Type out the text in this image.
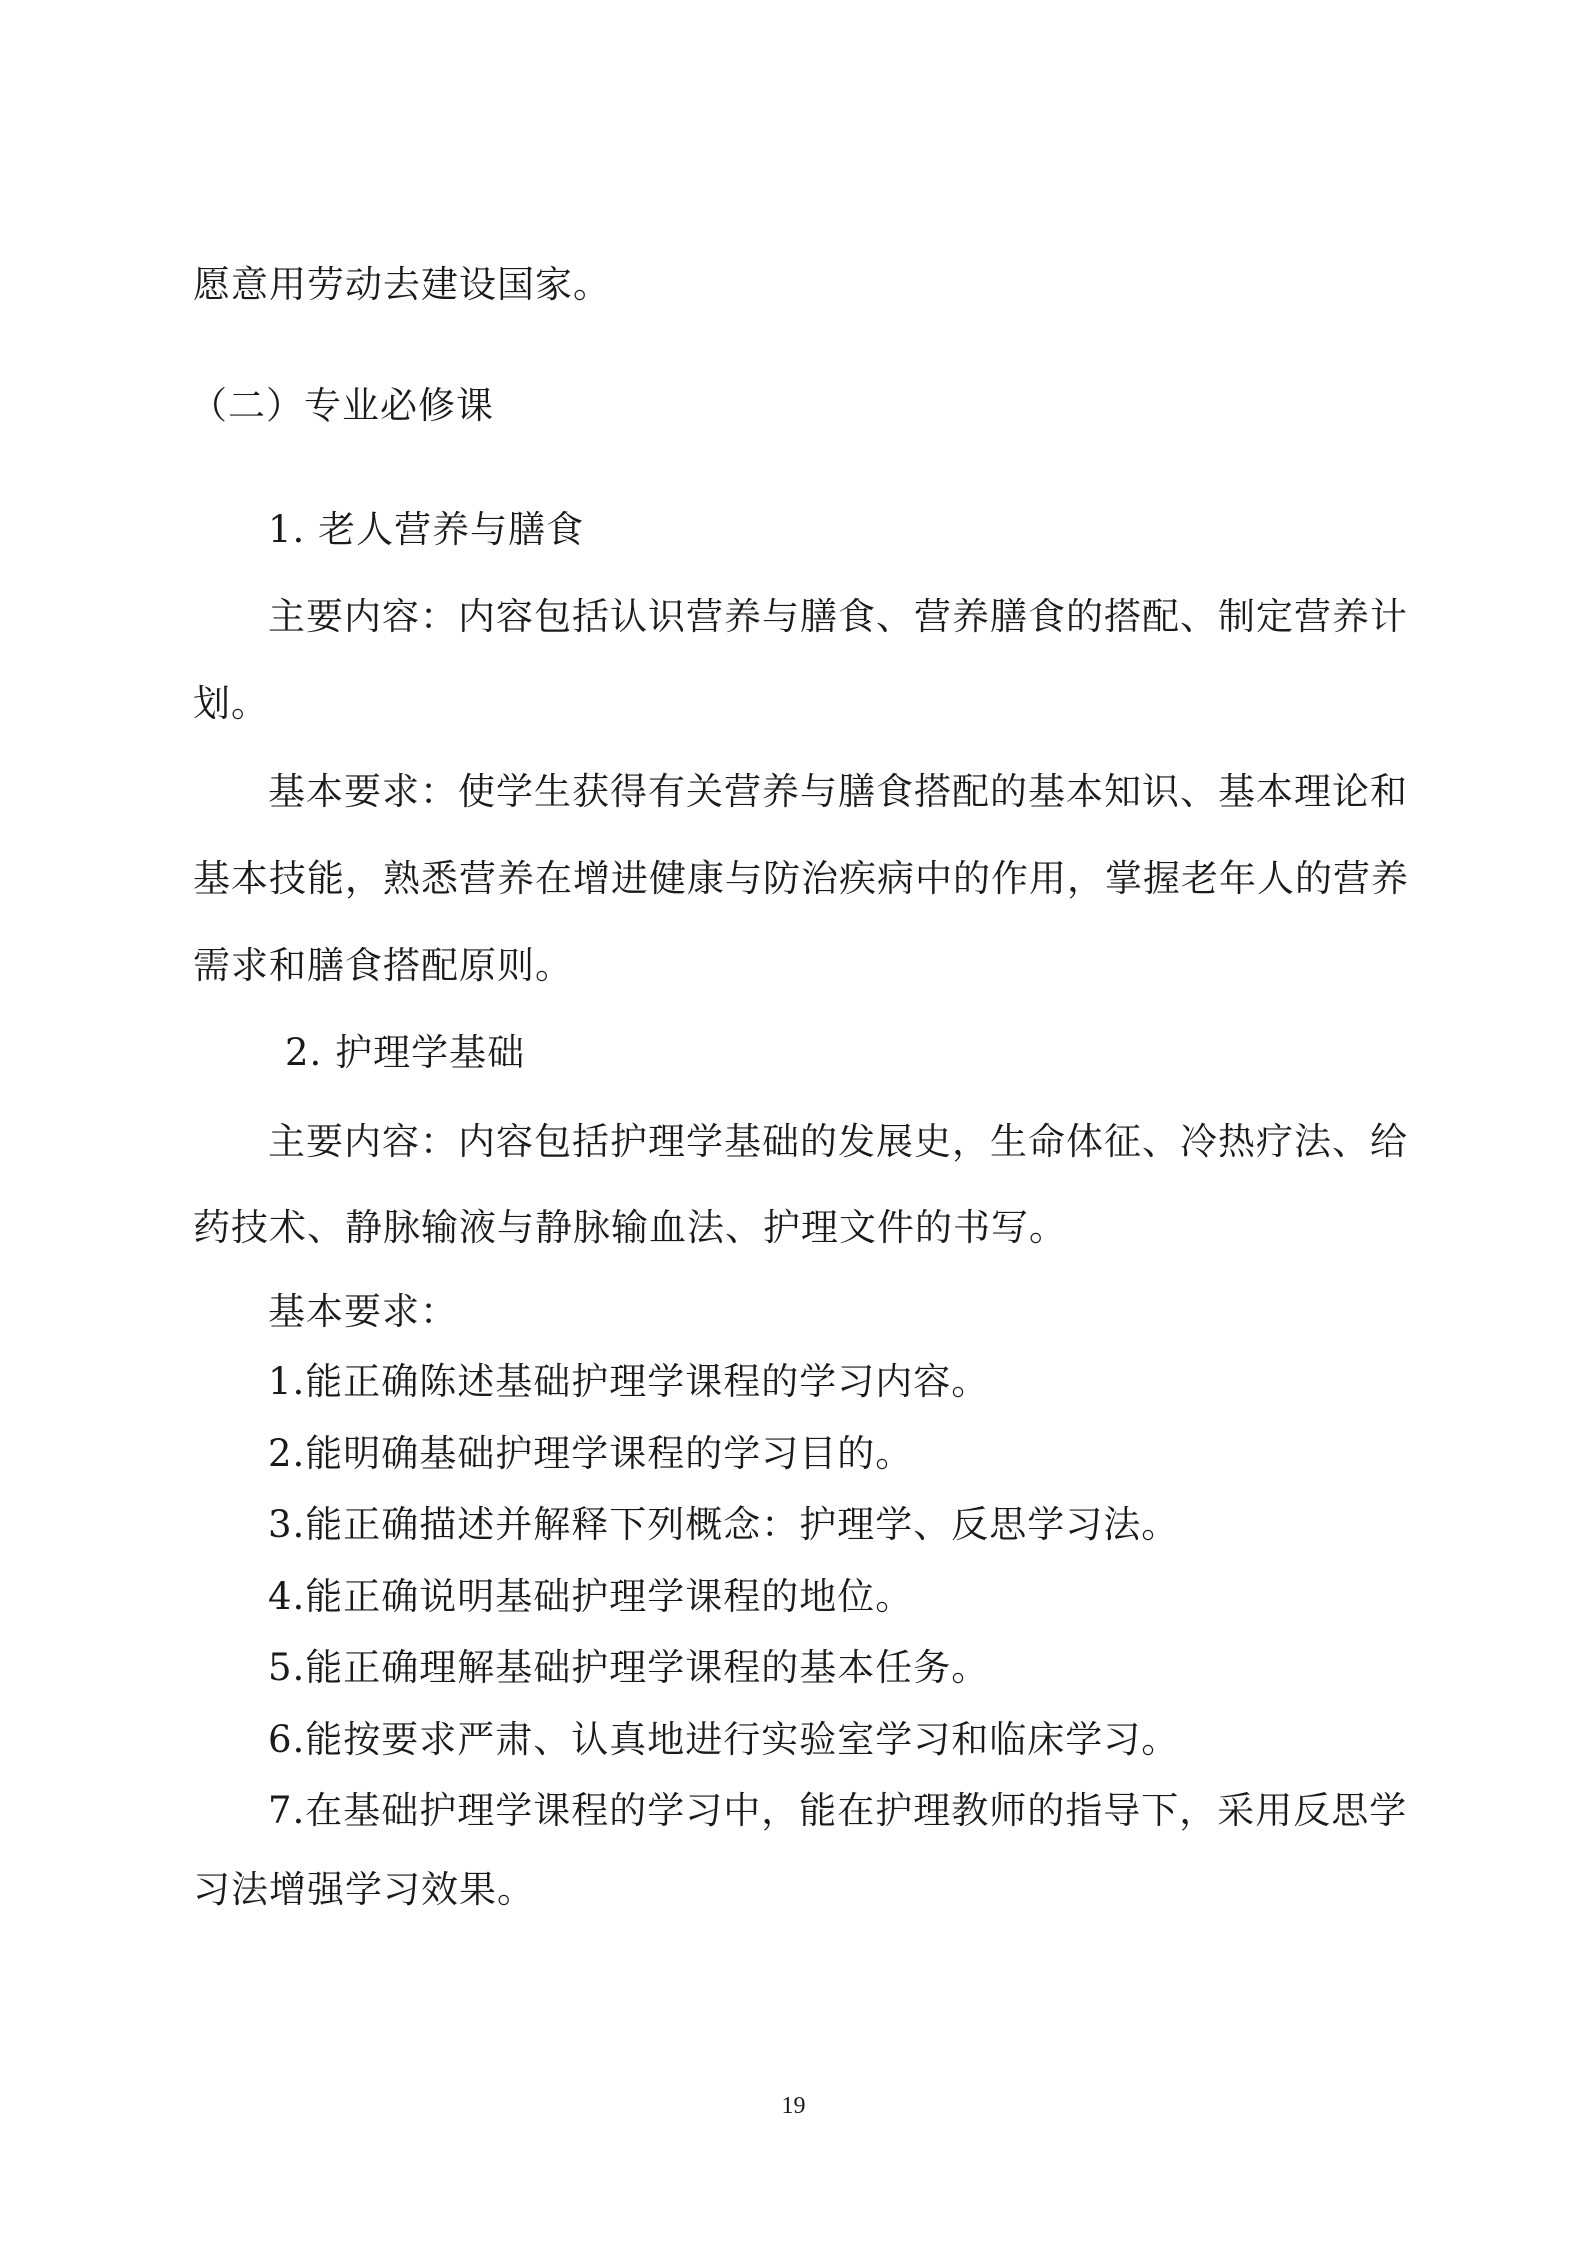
愿意用劳动去建设国家。
（二）专业必修课
1. 老人营养与膳食
主要内容：内容包括认识营养与膳食、营养膳食的搭配、制定营养计
划。
基本要求：使学生获得有关营养与膳食搭配的基本知识、基本理论和
基本技能，熟悉营养在增进健康与防治疾病中的作用，掌握老年人的营养
需求和膳食搭配原则。
2. 护理学基础
主要内容：内容包括护理学基础的发展史，生命体征、冷热疗法、给
药技术、静脉输液与静脉输血法、护理文件的书写。
基本要求：
1.能正确陈述基础护理学课程的学习内容。
2.能明确基础护理学课程的学习目的。
3.能正确描述并解释下列概念：护理学、反思学习法。
4.能正确说明基础护理学课程的地位。
5.能正确理解基础护理学课程的基本任务。
6.能按要求严肃、认真地进行实验室学习和临床学习。
7.在基础护理学课程的学习中，能在护理教师的指导下，采用反思学
习法增强学习效果。
19
